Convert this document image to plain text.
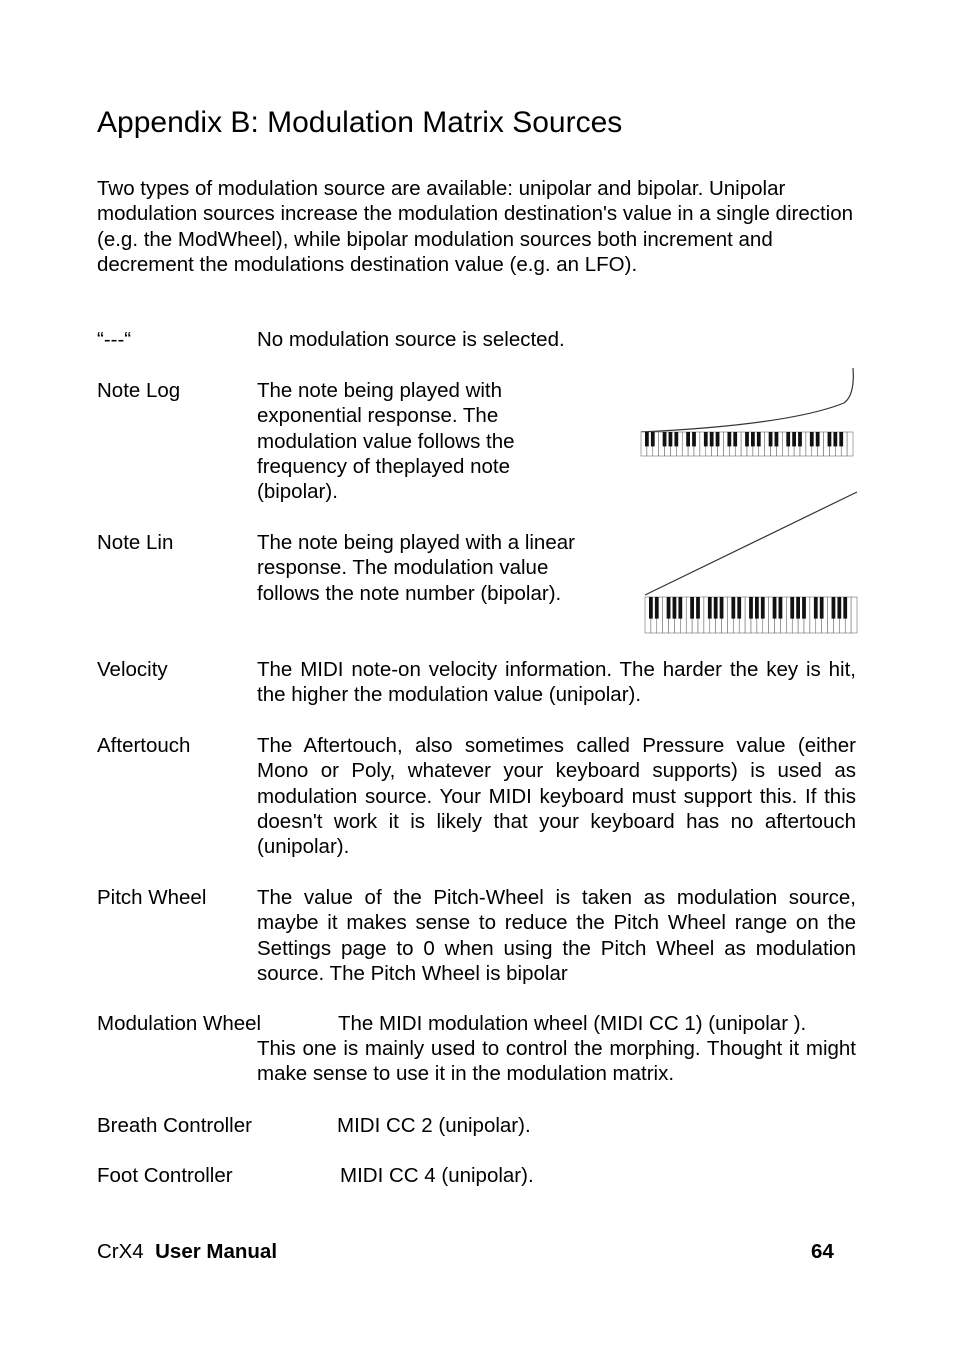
Appendix B: Modulation Matrix Sources

Two types of modulation source are available: unipolar and bipolar. Unipolar modulation sources increase the modulation destination's value in a single direction (e.g. the ModWheel), while bipolar modulation sources both increment and decrement the modulations destination value (e.g. an LFO).

“---“	No modulation source is selected.
Note Log	The note being played with
exponential response. The
modulation value follows the
frequency of theplayed note
(bipolar).
Note Lin	The note being played with a linear
response. The modulation value
follows the note number (bipolar).
Velocity	The MIDI note-on velocity information. The harder the key is hit, the higher the modulation value (unipolar).
Aftertouch	The Aftertouch, also sometimes called Pressure value (either Mono or Poly, whatever your keyboard supports) is used as modulation source. Your MIDI keyboard must support this. If this doesn't work it is likely that your keyboard has no aftertouch (unipolar).
Pitch Wheel The value of the Pitch-Wheel is taken as modulation source, maybe it makes sense to reduce the Pitch Wheel range on the Settings page to 0 when using the Pitch Wheel as modulation source. The Pitch Wheel is bipolar
Modulation Wheel	The MIDI modulation wheel (MIDI CC 1) (unipolar ).
This one is mainly used to control the morphing. Thought it might make sense to use it in the modulation matrix.
Breath Controller	MIDI CC 2 (unipolar).
Foot Controller	MIDI CC 4 (unipolar).
CrX4 User Manual	64
